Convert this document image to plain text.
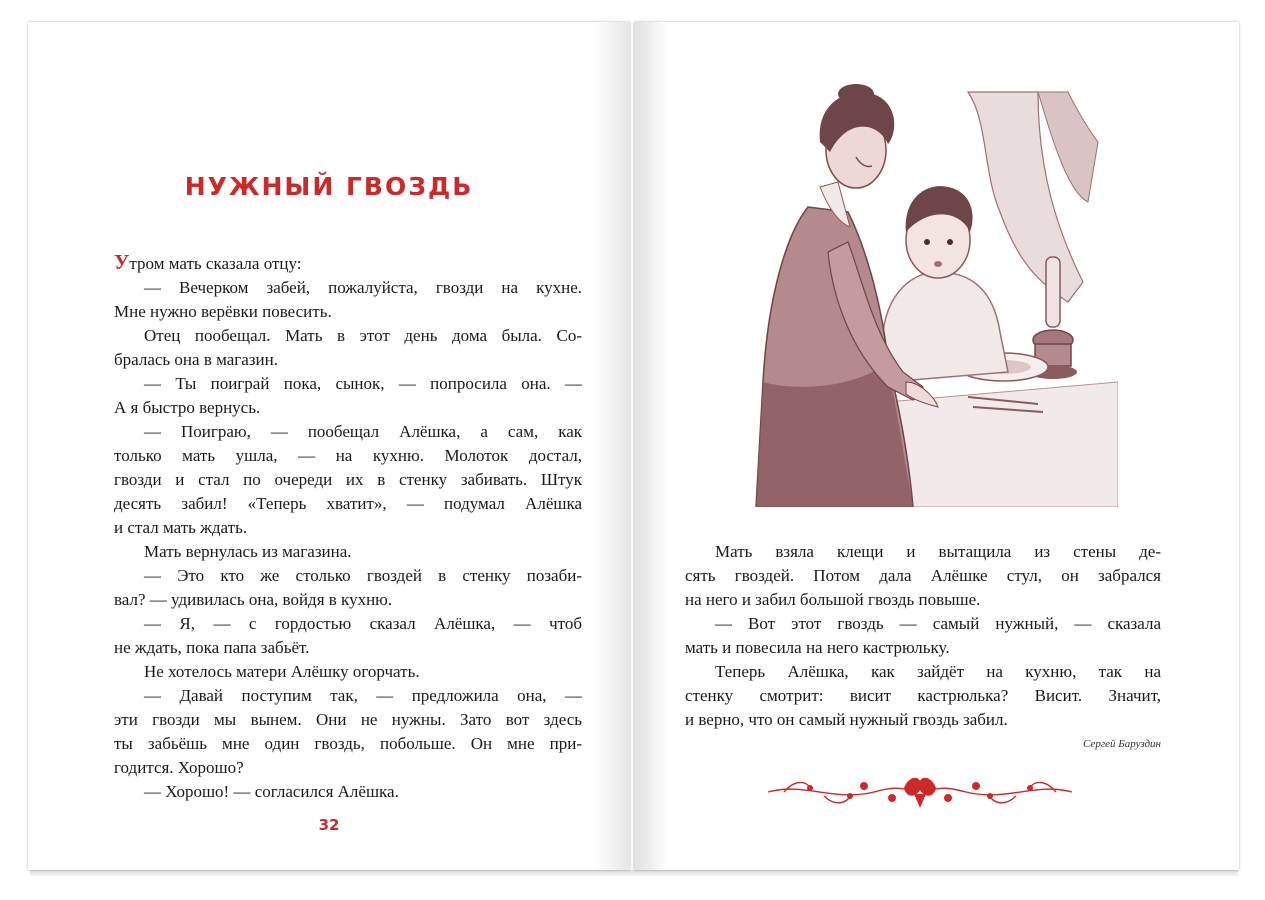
НУЖНЫЙ ГВОЗДЬ

Утром мать сказала отцу:

— Вечерком забей, пожалуйста, гвозди на кухне.

Мне нужно верёвки повесить.

Отец пообещал. Мать в этот день дома была. Со-

бралась она в магазин.

— Ты поиграй пока, сынок, — попросила она. —

А я быстро вернусь.

— Поиграю, — пообещал Алёшка, а сам, как

только мать ушла, — на кухню. Молоток достал,

гвозди и стал по очереди их в стенку забивать. Штук

десять забил! «Теперь хватит», — подумал Алёшка

и стал мать ждать.

Мать вернулась из магазина.

— Это кто же столько гвоздей в стенку позаби-

вал? — удивилась она, войдя в кухню.

— Я, — с гордостью сказал Алёшка, — чтоб

не ждать, пока папа забьёт.

Не хотелось матери Алёшку огорчать.

— Давай поступим так, — предложила она, —

эти гвозди мы вынем. Они не нужны. Зато вот здесь

ты забьёшь мне один гвоздь, побольше. Он мне при-

годится. Хорошо?

— Хорошо! — согласился Алёшка.

32

Мать взяла клещи и вытащила из стены де-

сять гвоздей. Потом дала Алёшке стул, он забрался

на него и забил большой гвоздь повыше.

— Вот этот гвоздь — самый нужный, — сказала

мать и повесила на него кастрюльку.

Теперь Алёшка, как зайдёт на кухню, так на

стенку смотрит: висит кастрюлька? Висит. Значит,

и верно, что он самый нужный гвоздь забил.

Сергей Баруздин
